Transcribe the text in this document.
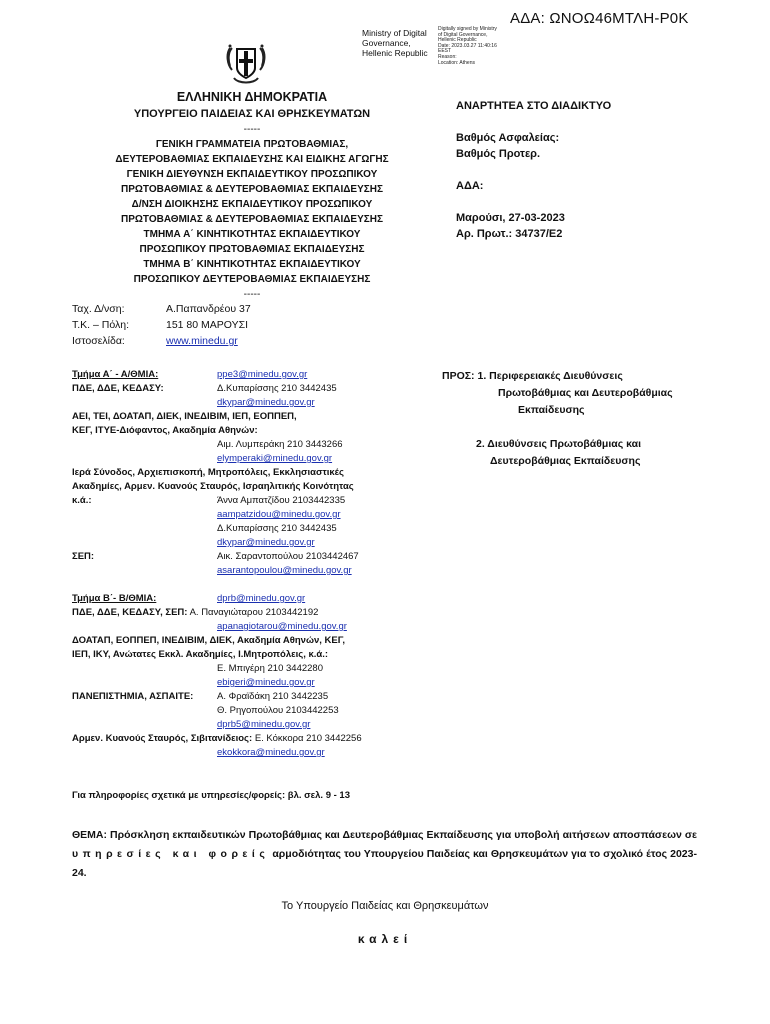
ΑΔΑ: ΩΝΟΩ46ΜΤΛΗ-Ρ0Κ
Ministry of Digital
Governance,
Hellenic Republic
Digitally signed by Ministry
of Digital Governance,
Hellenic Republic
Date: 2023.03.27 11:40:16
EEST
Reason:
Location: Athens
ΕΛΛΗΝΙΚΗ ΔΗΜΟΚΡΑΤΙΑ
ΥΠΟΥΡΓΕΙΟ ΠΑΙΔΕΙΑΣ ΚΑΙ ΘΡΗΣΚΕΥΜΑΤΩΝ
-----
ΓΕΝΙΚΗ ΓΡΑΜΜΑΤΕΙΑ ΠΡΩΤΟΒΑΘΜΙΑΣ,
ΔΕΥΤΕΡΟΒΑΘΜΙΑΣ ΕΚΠΑΙΔΕΥΣΗΣ ΚΑΙ ΕΙΔΙΚΗΣ ΑΓΩΓΗΣ
ΓΕΝΙΚΗ ΔΙΕΥΘΥΝΣΗ ΕΚΠΑΙΔΕΥΤΙΚΟΥ ΠΡΟΣΩΠΙΚΟΥ
ΠΡΩΤΟΒΑΘΜΙΑΣ & ΔΕΥΤΕΡΟΒΑΘΜΙΑΣ ΕΚΠΑΙΔΕΥΣΗΣ
Δ/ΝΣΗ ΔΙΟΙΚΗΣΗΣ ΕΚΠΑΙΔΕΥΤΙΚΟΥ ΠΡΟΣΩΠΙΚΟΥ
ΠΡΩΤΟΒΑΘΜΙΑΣ & ΔΕΥΤΕΡΟΒΑΘΜΙΑΣ ΕΚΠΑΙΔΕΥΣΗΣ
ΤΜΗΜΑ Α΄ ΚΙΝΗΤΙΚΟΤΗΤΑΣ ΕΚΠΑΙΔΕΥΤΙΚΟΥ
ΠΡΟΣΩΠΙΚΟΥ ΠΡΩΤΟΒΑΘΜΙΑΣ ΕΚΠΑΙΔΕΥΣΗΣ
ΤΜΗΜΑ Β΄ ΚΙΝΗΤΙΚΟΤΗΤΑΣ ΕΚΠΑΙΔΕΥΤΙΚΟΥ
ΠΡΟΣΩΠΙΚΟΥ ΔΕΥΤΕΡΟΒΑΘΜΙΑΣ ΕΚΠΑΙΔΕΥΣΗΣ
-----
ΑΝΑΡΤΗΤΕΑ ΣΤΟ ΔΙΑΔΙΚΤΥΟ
Βαθμός Ασφαλείας:
Βαθμός Προτερ.
ΑΔΑ:
Μαρούσι, 27-03-2023
Αρ. Πρωτ.: 34737/Ε2
Ταχ. Δ/νση:	Α.Παπανδρέου 37
Τ.Κ. – Πόλη:	151 80 ΜΑΡΟΥΣΙ
Ιστοσελίδα:	www.minedu.gr
Τμήμα Α΄ - Α/ΘΜΙΑ:	ppe3@minedu.gov.gr
ΠΔΕ, ΔΔΕ, ΚΕΔΑΣΥ:	Δ.Κυπαρίσσης 210 3442435
dkypar@minedu.gov.gr
ΑΕΙ, ΤΕΙ, ΔΟΑΤΑΠ, ΔΙΕΚ, ΙΝΕΔΙΒΙΜ, ΙΕΠ, ΕΟΠΠΕΠ,
ΚΕΓ, ΙΤΥΕ-Διόφαντος, Ακαδημία Αθηνών:
Αιμ. Λυμπεράκη 210 3443266
elymperaki@minedu.gov.gr
Ιερά Σύνοδος, Αρχιεπισκοπή, Μητροπόλεις, Εκκλησιαστικές
Ακαδημίες, Αρμεν. Κυανούς Σταυρός, Ισραηλιτικής Κοινότητας
κ.ά.:	Άννα Αμπατζίδου 2103442335
aampatzidou@minedu.gov.gr
Δ.Κυπαρίσσης 210 3442435
dkypar@minedu.gov.gr
ΣΕΠ:	Αικ. Σαραντοπούλου 2103442467
asarantopoulou@minedu.gov.gr
Τμήμα Β΄- Β/ΘΜΙΑ:	dprb@minedu.gov.gr
ΠΔΕ, ΔΔΕ, ΚΕΔΑΣΥ, ΣΕΠ: Α. Παναγιώταρου 2103442192
apanagiotarou@minedu.gov.gr
ΔΟΑΤΑΠ, ΕΟΠΠΕΠ, ΙΝΕΔΙΒΙΜ, ΔΙΕΚ, Ακαδημία Αθηνών, ΚΕΓ,
ΙΕΠ, ΙΚΥ, Ανώτατες Εκκλ. Ακαδημίες, Ι.Μητροπόλεις, κ.ά.:
Ε. Μπιγέρη 210 3442280
ebigeri@minedu.gov.gr
ΠΑΝΕΠΙΣΤΗΜΙΑ, ΑΣΠΑΙΤΕ:	Α. Φραϊδάκη 210 3442235
Θ. Ρηγοπούλου 2103442253
dprb5@minedu.gov.gr
Αρμεν. Κυανούς Σταυρός, Σιβιτανίδειος: Ε. Κόκκορα 210 3442256
ekokkora@minedu.gov.gr
ΠΡΟΣ: 1. Περιφερειακές Διευθύνσεις
Πρωτοβάθμιας και Δευτεροβάθμιας
Εκπαίδευσης
2. Διευθύνσεις Πρωτοβάθμιας και
Δευτεροβάθμιας Εκπαίδευσης
Για πληροφορίες σχετικά με υπηρεσίες/φορείς: βλ. σελ. 9 - 13
ΘΕΜΑ: Πρόσκληση εκπαιδευτικών Πρωτοβάθμιας και Δευτεροβάθμιας Εκπαίδευσης για υποβολή αιτήσεων αποσπάσεων σε υπηρεσίες και φορείς αρμοδιότητας του Υπουργείου Παιδείας και Θρησκευμάτων για το σχολικό έτος 2023-24.
Το Υπουργείο Παιδείας και Θρησκευμάτων
καλεί
